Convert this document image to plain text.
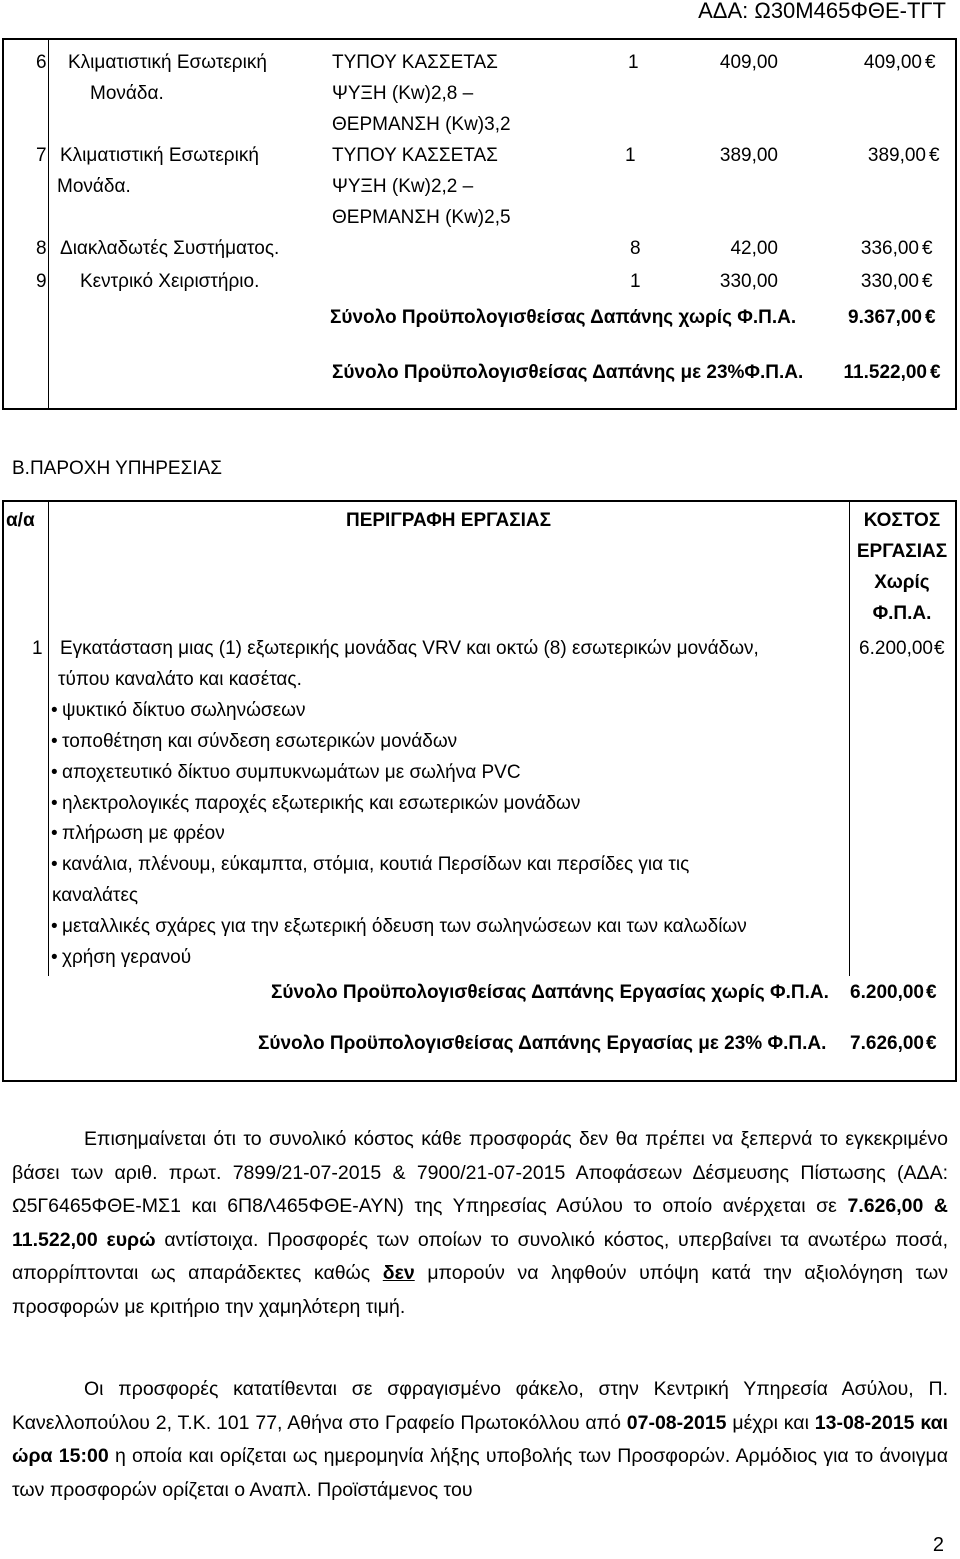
ΑΔΑ: Ω30Μ465ΦΘΕ-ΤΓΤ
6 Κλιματιστική Εσωτερική
Μονάδα.
ΤΥΠΟΥ ΚΑΣΣΕΤΑΣ
ΨΥΞΗ (Kw)2,8 –
ΘΕΡΜΑΝΣΗ (Kw)3,2
1	409,00	409,00 €
7 Κλιματιστική Εσωτερική
Μονάδα.
ΤΥΠΟΥ ΚΑΣΣΕΤΑΣ
ΨΥΞΗ (Kw)2,2 –
ΘΕΡΜΑΝΣΗ (Kw)2,5
1	389,00	389,00 €
8 Διακλαδωτές Συστήματος.	8	42,00	336,00 €
9 Κεντρικό Χειριστήριο.	1	330,00	330,00 €
Σύνολο Προϋπολογισθείσας Δαπάνης χωρίς Φ.Π.Α.	9.367,00 €
Σύνολο Προϋπολογισθείσας Δαπάνης με 23%Φ.Π.Α.	11.522,00 €
Β.ΠΑΡΟΧΗ ΥΠΗΡΕΣΙΑΣ
α/α	ΠΕΡΙΓΡΑΦΗ ΕΡΓΑΣΙΑΣ	ΚΟΣΤΟΣ
ΕΡΓΑΣΙΑΣ
Χωρίς
Φ.Π.Α.
1 Εγκατάσταση μιας (1) εξωτερικής μονάδας VRV και οκτώ (8) εσωτερικών μονάδων,
τύπου καναλάτο και κασέτας.
6.200,00 €
• ψυκτικό δίκτυο σωληνώσεων
• τοποθέτηση και σύνδεση εσωτερικών μονάδων
• αποχετευτικό δίκτυο συμπυκνωμάτων με σωλήνα PVC
• ηλεκτρολογικές παροχές εξωτερικής και εσωτερικών μονάδων
• πλήρωση με φρέον
• κανάλια, πλένουμ, εύκαμπτα, στόμια, κουτιά Περσίδων και περσίδες για τις
καναλάτες
• μεταλλικές σχάρες για την εξωτερική όδευση των σωληνώσεων και των καλωδίων
• χρήση γερανού
Σύνολο Προϋπολογισθείσας Δαπάνης Εργασίας χωρίς Φ.Π.Α.	6.200,00 €
Σύνολο Προϋπολογισθείσας Δαπάνης Εργασίας με 23% Φ.Π.Α.	7.626,00 €

Επισημαίνεται ότι το συνολικό κόστος κάθε προσφοράς δεν θα πρέπει να ξεπερνά το εγκεκριμένο βάσει των αριθ. πρωτ. 7899/21-07-2015 & 7900/21-07-2015 Αποφάσεων Δέσμευσης Πίστωσης (ΑΔΑ: Ω5Γ6465ΦΘΕ-ΜΣ1 και 6Π8Λ465ΦΘΕ-ΑΥΝ) της Υπηρεσίας Ασύλου το οποίο ανέρχεται σε 7.626,00 & 11.522,00 ευρώ αντίστοιχα. Προσφορές των οποίων το συνολικό κόστος, υπερβαίνει τα ανωτέρω ποσά, απορρίπτονται ως απαράδεκτες καθώς δεν μπορούν να ληφθούν υπόψη κατά την αξιολόγηση των προσφορών με κριτήριο την χαμηλότερη τιμή.

Οι προσφορές κατατίθενται σε σφραγισμένο φάκελο, στην Κεντρική Υπηρεσία Ασύλου, Π. Κανελλοπούλου 2, Τ.Κ. 101 77, Αθήνα στο Γραφείο Πρωτοκόλλου από 07-08-2015 μέχρι και 13-08-2015 και ώρα 15:00 η οποία και ορίζεται ως ημερομηνία λήξης υποβολής των Προσφορών. Αρμόδιος για το άνοιγμα των προσφορών ορίζεται ο Αναπλ. Προϊστάμενος του

2
